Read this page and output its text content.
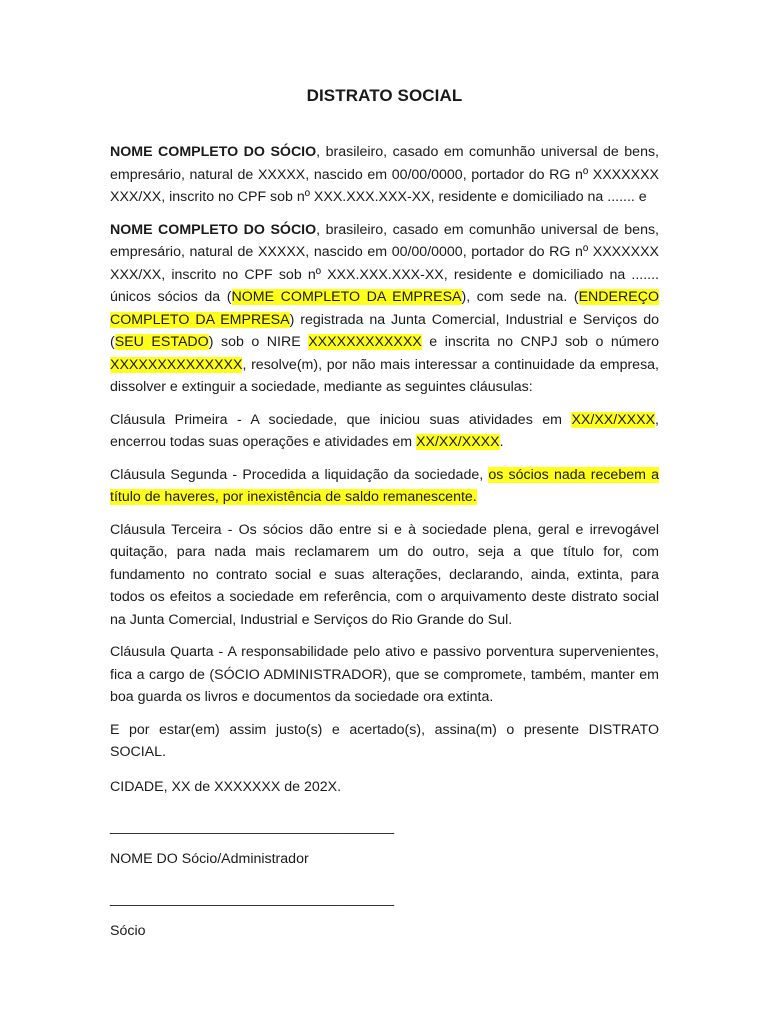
DISTRATO SOCIAL

NOME COMPLETO DO SÓCIO, brasileiro, casado em comunhão universal de bens, empresário, natural de XXXXX, nascido em 00/00/0000, portador do RG nº XXXXXXX XXX/XX, inscrito no CPF sob nº XXX.XXX.XXX-XX, residente e domiciliado na ....... e

NOME COMPLETO DO SÓCIO, brasileiro, casado em comunhão universal de bens, empresário, natural de XXXXX, nascido em 00/00/0000, portador do RG nº XXXXXXX XXX/XX, inscrito no CPF sob nº XXX.XXX.XXX-XX, residente e domiciliado na ....... únicos sócios da (NOME COMPLETO DA EMPRESA), com sede na. (ENDEREÇO COMPLETO DA EMPRESA) registrada na Junta Comercial, Industrial e Serviços do (SEU ESTADO) sob o NIRE XXXXXXXXXXXX e inscrita no CNPJ sob o número XXXXXXXXXXXXXX, resolve(m), por não mais interessar a continuidade da empresa, dissolver e extinguir a sociedade, mediante as seguintes cláusulas:

Cláusula Primeira - A sociedade, que iniciou suas atividades em XX/XX/XXXX, encerrou todas suas operações e atividades em XX/XX/XXXX.

Cláusula Segunda - Procedida a liquidação da sociedade, os sócios nada recebem a título de haveres, por inexistência de saldo remanescente.

Cláusula Terceira - Os sócios dão entre si e à sociedade plena, geral e irrevogável quitação, para nada mais reclamarem um do outro, seja a que título for, com fundamento no contrato social e suas alterações, declarando, ainda, extinta, para todos os efeitos a sociedade em referência, com o arquivamento deste distrato social na Junta Comercial, Industrial e Serviços do Rio Grande do Sul.

Cláusula Quarta - A responsabilidade pelo ativo e passivo porventura supervenientes, fica a cargo de (SÓCIO ADMINISTRADOR), que se compromete, também, manter em boa guarda os livros e documentos da sociedade ora extinta.

E por estar(em) assim justo(s) e acertado(s), assina(m) o presente DISTRATO SOCIAL.

CIDADE, XX de XXXXXXX de 202X.

____________________________________
NOME DO Sócio/Administrador
____________________________________
Sócio
